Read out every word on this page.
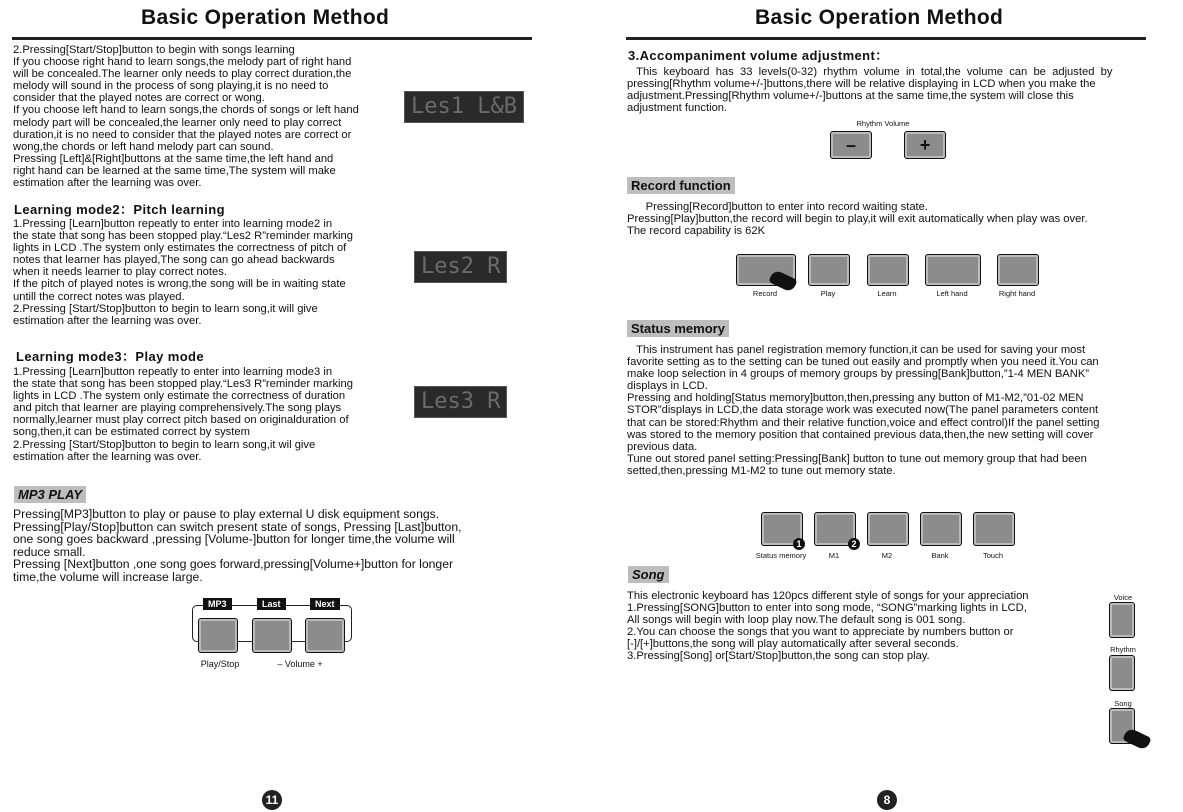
Basic Operation Method
2.Pressing[Start/Stop]button to begin with songs learning
If you choose right hand to learn songs,the melody part of right hand
will be concealed.The learner only needs to play correct duration,the
melody will sound in the process of song playing,it is no need to
consider that the played notes are correct or wong.
If you choose left hand to learn songs,the chords of songs or left hand
melody part will be concealed,the learner only need to play correct
duration,it is no need to consider that the played notes are correct or
wong,the chords or left hand melody part can sound.
Pressing [Left]&[Right]buttons at the same time,the left hand and
right hand can be learned at the same time,The system will make
estimation after the learning was over.
Les1 L&B
Learning mode2：Pitch learning
1.Pressing [Learn]button repeatly to enter into learning mode2 in
the state that song has been stopped play.“Les2 R”reminder marking
lights in LCD .The system only estimates the correctness of pitch of
notes that learner has played,The song can go ahead backwards
when it needs learner to play correct notes.
If the pitch of played notes is wrong,the song will be in waiting state
untill the correct notes was played.
2.Pressing [Start/Stop]button to begin to learn song,it will give
estimation after the learning was over.
Les2 R
Learning mode3：Play mode
1.Pressing [Learn]button repeatly to enter into learning mode3 in
the state that song has been stopped play.“Les3 R”reminder marking
lights in LCD .The system only estimate the correctness of duration
and pitch that learner are playing comprehensively.The song plays
normally,learner must play correct pitch based on originalduration of
song,then,it can be estimated correct by system
2.Pressing [Start/Stop]button to begin to learn song,it wil give
estimation after the learning was over.
Les3 R
MP3 PLAY
Pressing[MP3]button to play or pause to play external U disk equipment songs.
Pressing[Play/Stop]button can switch present state of songs, Pressing [Last]button,
one song goes backward ,pressing [Volume-]button for longer time,the volume will
reduce small.
Pressing [Next]button ,one song goes forward,pressing[Volume+]button for longer
time,the volume will increase large.
MP3	Last	Next
Play/Stop	– Volume +
11
Basic Operation Method
3.Accompaniment volume adjustment：
This  keyboard  has  33  levels(0-32)  rhythm  volume  in  total,the  volume  can  be  adjusted  by
pressing[Rhythm volume+/-]buttons,there will be relative displaying in LCD when you make the
adjustment.Pressing[Rhythm volume+/-]buttons at the same time,the system will close this
adjustment function.
Rhythm Volume
–	+
Record function
Pressing[Record]button to enter into record waiting state.
Pressing[Play]button,the record will begin to play,it will exit automatically when play was over.
The record capability is 62K
Record	Play	Learn	Left hand	Right hand
Status memory
This instrument has panel registration memory function,it can be used for saving your most
favorite setting as to the setting can be tuned out easily and promptly when you need it.You can
make loop selection in 4 groups of memory groups by pressing[Bank]button,”1-4 MEN BANK”
displays in LCD.
Pressing and holding[Status memory]button,then,pressing any button of M1-M2,”01-02 MEN
STOR”displays in LCD,the data storage work was executed now(The panel parameters content
that can be stored:Rhythm and their relative function,voice and effect control)If the panel setting
was stored to the memory position that contained previous data,then,the new setting will cover
previous data.
Tune out stored panel setting:Pressing[Bank] button to tune out memory group that had been
setted,then,pressing M1-M2 to tune out memory state.
1	2
Status memory	M1	M2	Bank	Touch
Song
This electronic keyboard has 120pcs different style of songs for your appreciation
1.Pressing[SONG]button to enter into song mode, “SONG”marking lights in LCD,
All songs will begin with loop play now.The default song is 001 song.
2.You can choose the songs that you want to appreciate by numbers button or
[-]/[+]buttons,the song will play automatically after several seconds.
3.Pressing[Song] or[Start/Stop]button,the song can stop play.
Voice
Rhythm
Song
8
